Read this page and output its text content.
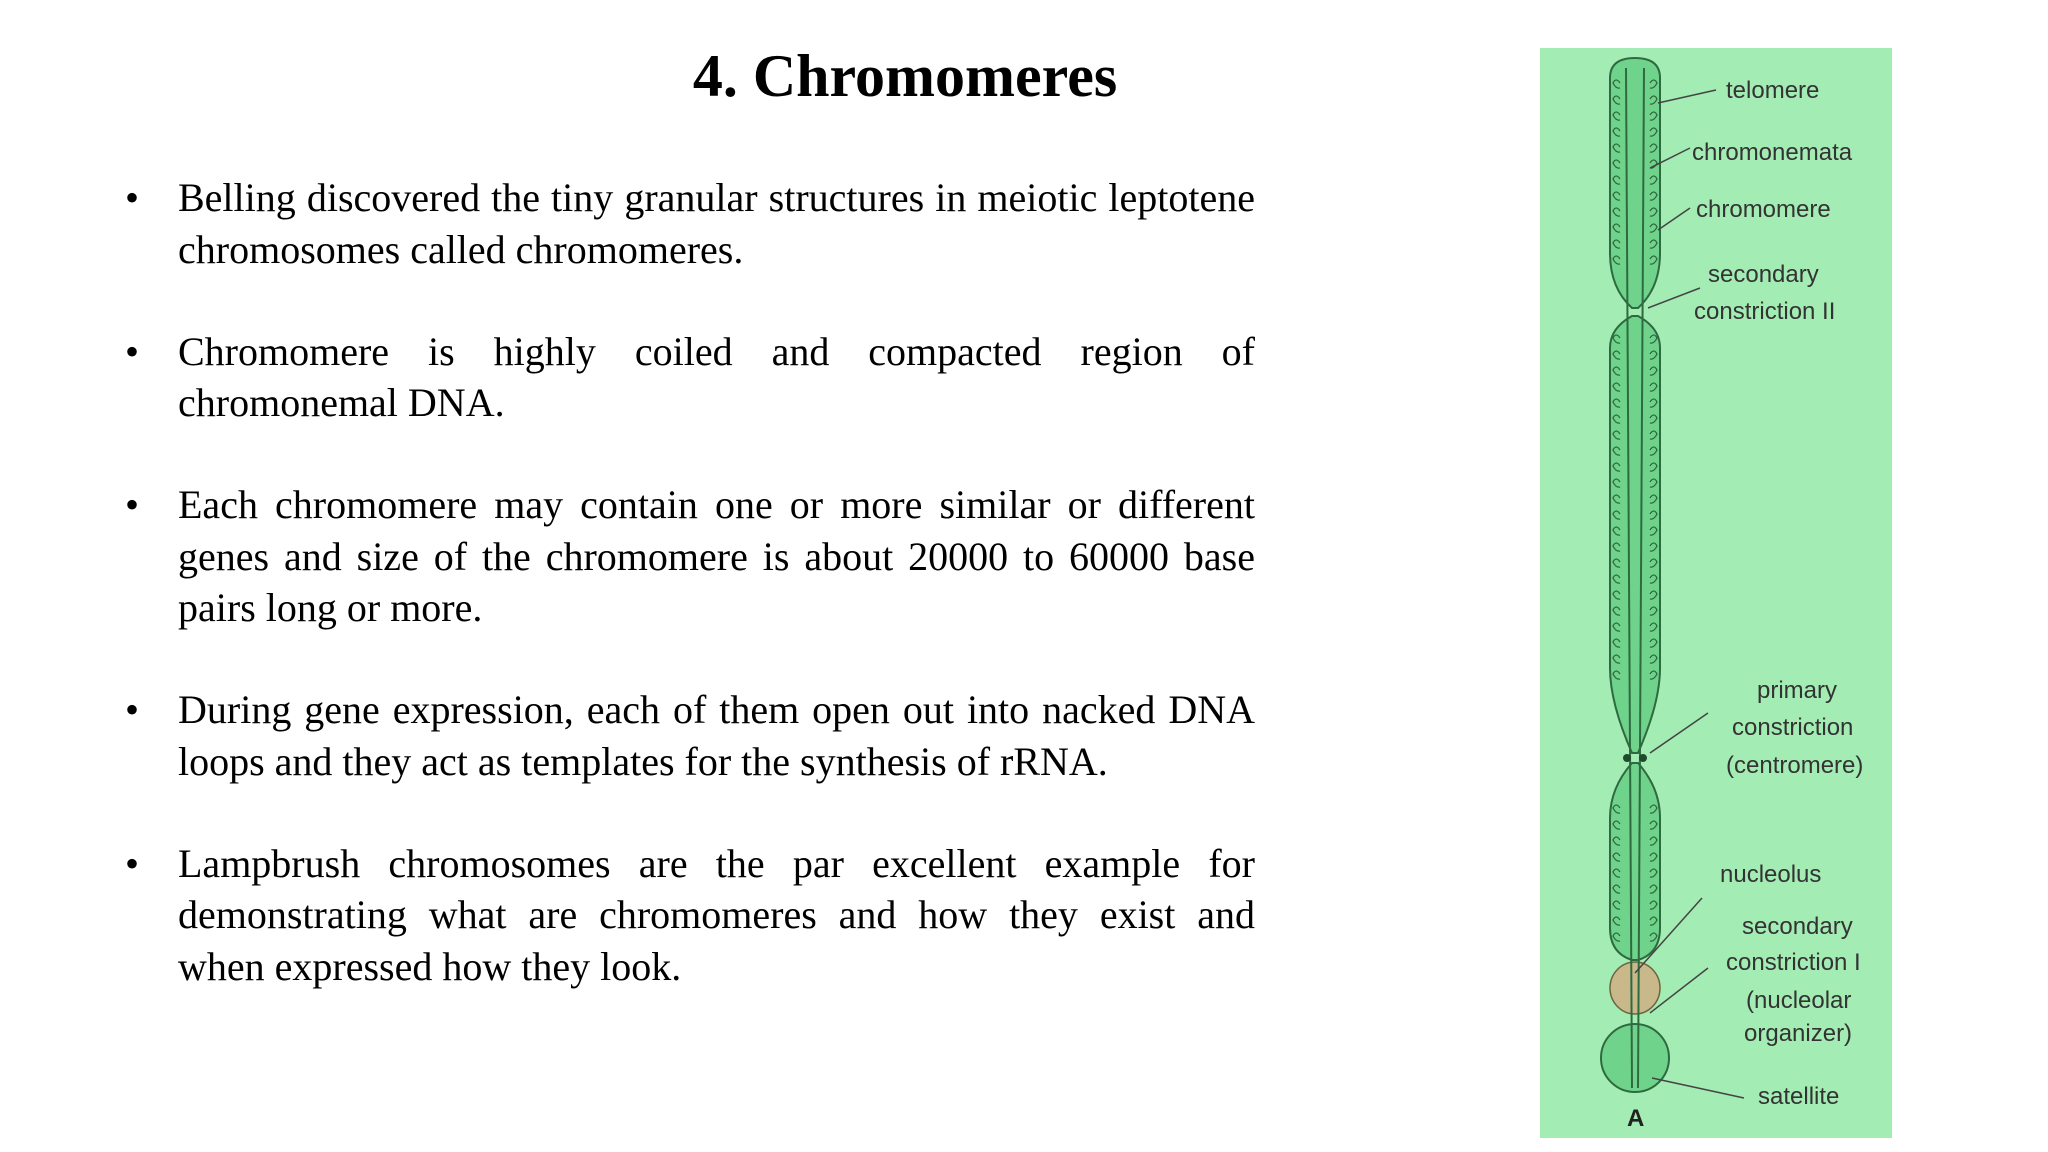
4. Chromomeres
• Belling discovered the tiny granular structures in meiotic leptotene chromosomes called chromomeres.
• Chromomere is highly coiled and compacted region of chromonemal DNA.
• Each chromomere may contain one or more similar or different genes and size of the chromomere is about 20000 to 60000 base pairs long or more.
• During gene expression, each of them open out into nacked DNA loops and they act as templates for the synthesis of rRNA.
• Lampbrush chromosomes are the par excellent example for demonstrating what are chromomeres and how they exist and when expressed how they look.
telomere
chromonemata
chromomere
secondary
constriction II
primary
constriction
(centromere)
nucleolus
secondary
constriction I
(nucleolar
organizer)
satellite
A
